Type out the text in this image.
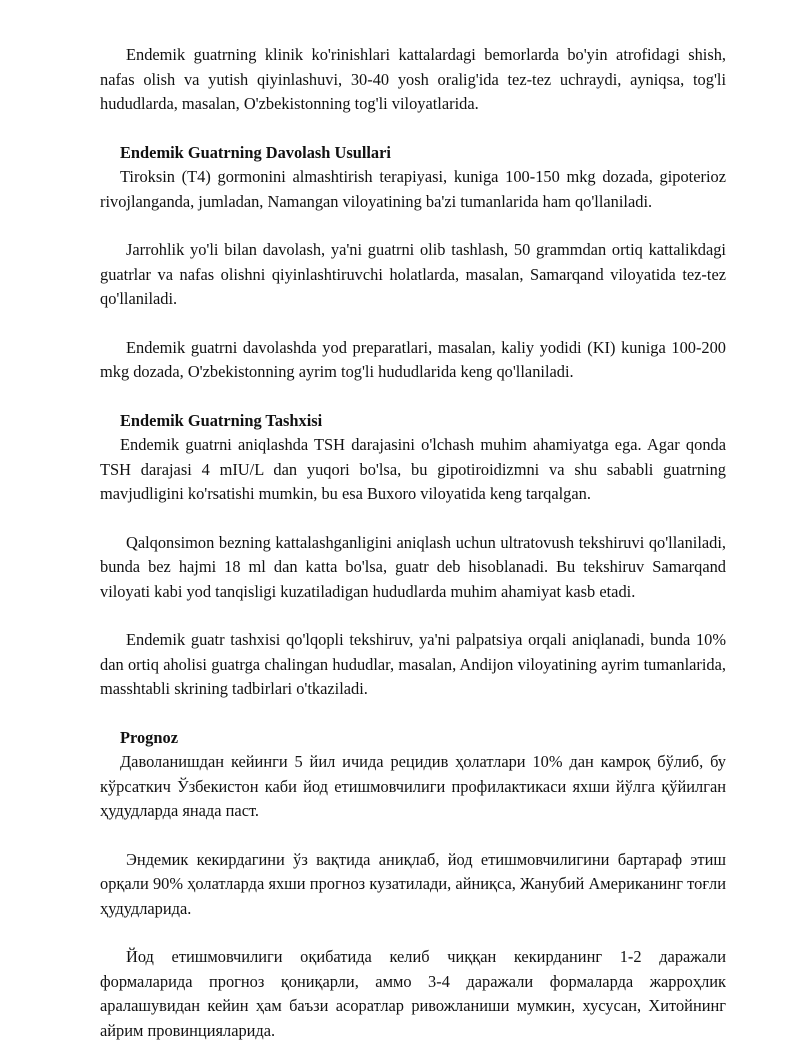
Endemik guatrning klinik ko'rinishlari kattalardagi bemorlarda bo'yin atrofidagi shish, nafas olish va yutish qiyinlashuvi, 30-40 yosh oralig'ida tez-tez uchraydi, ayniqsa, tog'li hududlarda, masalan, O'zbekistonning tog'li viloyatlarida.

Endemik Guatrning Davolash Usullari

Tiroksin (T4) gormonini almashtirish terapiyasi, kuniga 100-150 mkg dozada, gipoterioz rivojlanganda, jumladan, Namangan viloyatining ba'zi tumanlarida ham qo'llaniladi.

Jarrohlik yo'li bilan davolash, ya'ni guatrni olib tashlash, 50 grammdan ortiq kattalikdagi guatrlar va nafas olishni qiyinlashtiruvchi holatlarda, masalan, Samarqand viloyatida tez-tez qo'llaniladi.

Endemik guatrni davolashda yod preparatlari, masalan, kaliy yodidi (KI) kuniga 100-200 mkg dozada, O'zbekistonning ayrim tog'li hududlarida keng qo'llaniladi.

Endemik Guatrning Tashxisi

Endemik guatrni aniqlashda TSH darajasini o'lchash muhim ahamiyatga ega. Agar qonda TSH darajasi 4 mIU/L dan yuqori bo'lsa, bu gipotiroidizmni va shu sababli guatrning mavjudligini ko'rsatishi mumkin, bu esa Buxoro viloyatida keng tarqalgan.

Qalqonsimon bezning kattalashganligini aniqlash uchun ultratovush tekshiruvi qo'llaniladi, bunda bez hajmi 18 ml dan katta bo'lsa, guatr deb hisoblanadi. Bu tekshiruv Samarqand viloyati kabi yod tanqisligi kuzatiladigan hududlarda muhim ahamiyat kasb etadi.

Endemik guatr tashxisi qo'lqopli tekshiruv, ya'ni palpatsiya orqali aniqlanadi, bunda 10% dan ortiq aholisi guatrga chalingan hududlar, masalan, Andijon viloyatining ayrim tumanlarida, masshtabli skrining tadbirlari o'tkaziladi.

Prognoz

Даволанишдан кейинги 5 йил ичида рецидив ҳолатлари 10% дан камроқ бўлиб, бу кўрсаткич Ўзбекистон каби йод етишмовчилиги профилактикаси яхши йўлга қўйилган ҳудудларда янада паст.

Эндемик кекирдагини ўз вақтида аниқлаб, йод етишмовчилигини бартараф этиш орқали 90% ҳолатларда яхши прогноз кузатилади, айниқса, Жанубий Американинг тоғли ҳудудларида.

Йод етишмовчилиги оқибатида келиб чиққан кекирданинг 1-2 даражали формаларида прогноз қониқарли, аммо 3-4 даражали формаларда жарроҳлик аралашувидан кейин ҳам баъзи асоратлар ривожланиши мумкин, хусусан, Хитойнинг айрим провинцияларида.
